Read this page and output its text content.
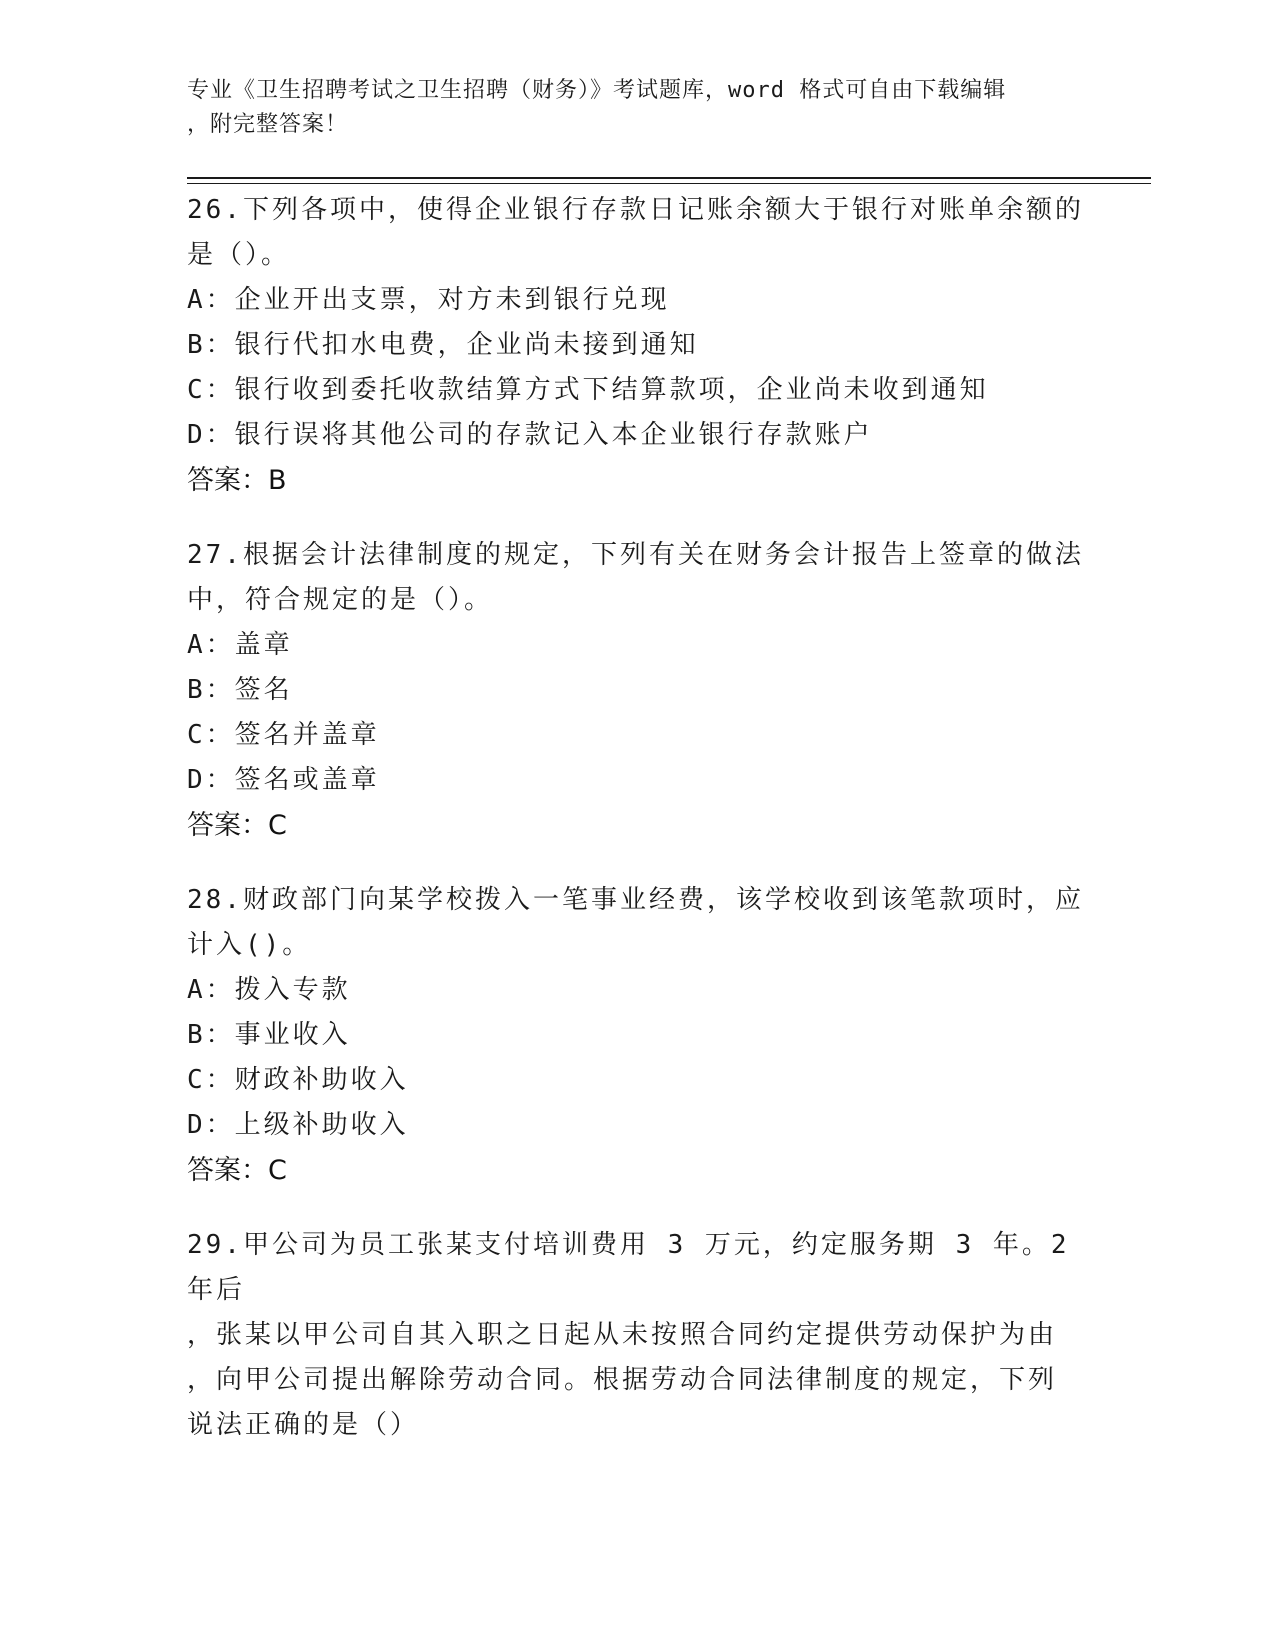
专业《卫生招聘考试之卫生招聘（财务）》考试题库，word 格式可自由下载编辑
，附完整答案！

26.下列各项中，使得企业银行存款日记账余额大于银行对账单余额的

是（）。

A：企业开出支票，对方未到银行兑现

B：银行代扣水电费，企业尚未接到通知

C：银行收到委托收款结算方式下结算款项，企业尚未收到通知

D：银行误将其他公司的存款记入本企业银行存款账户

答案：B

27.根据会计法律制度的规定，下列有关在财务会计报告上签章的做法

中，符合规定的是（）。

A：盖章

B：签名

C：签名并盖章

D：签名或盖章

答案：C

28.财政部门向某学校拨入一笔事业经费，该学校收到该笔款项时，应

计入()。

A：拨入专款

B：事业收入

C：财政补助收入

D：上级补助收入

答案：C

29.甲公司为员工张某支付培训费用 3 万元，约定服务期 3 年。2 年后

，张某以甲公司自其入职之日起从未按照合同约定提供劳动保护为由

，向甲公司提出解除劳动合同。根据劳动合同法律制度的规定，下列

说法正确的是（）
